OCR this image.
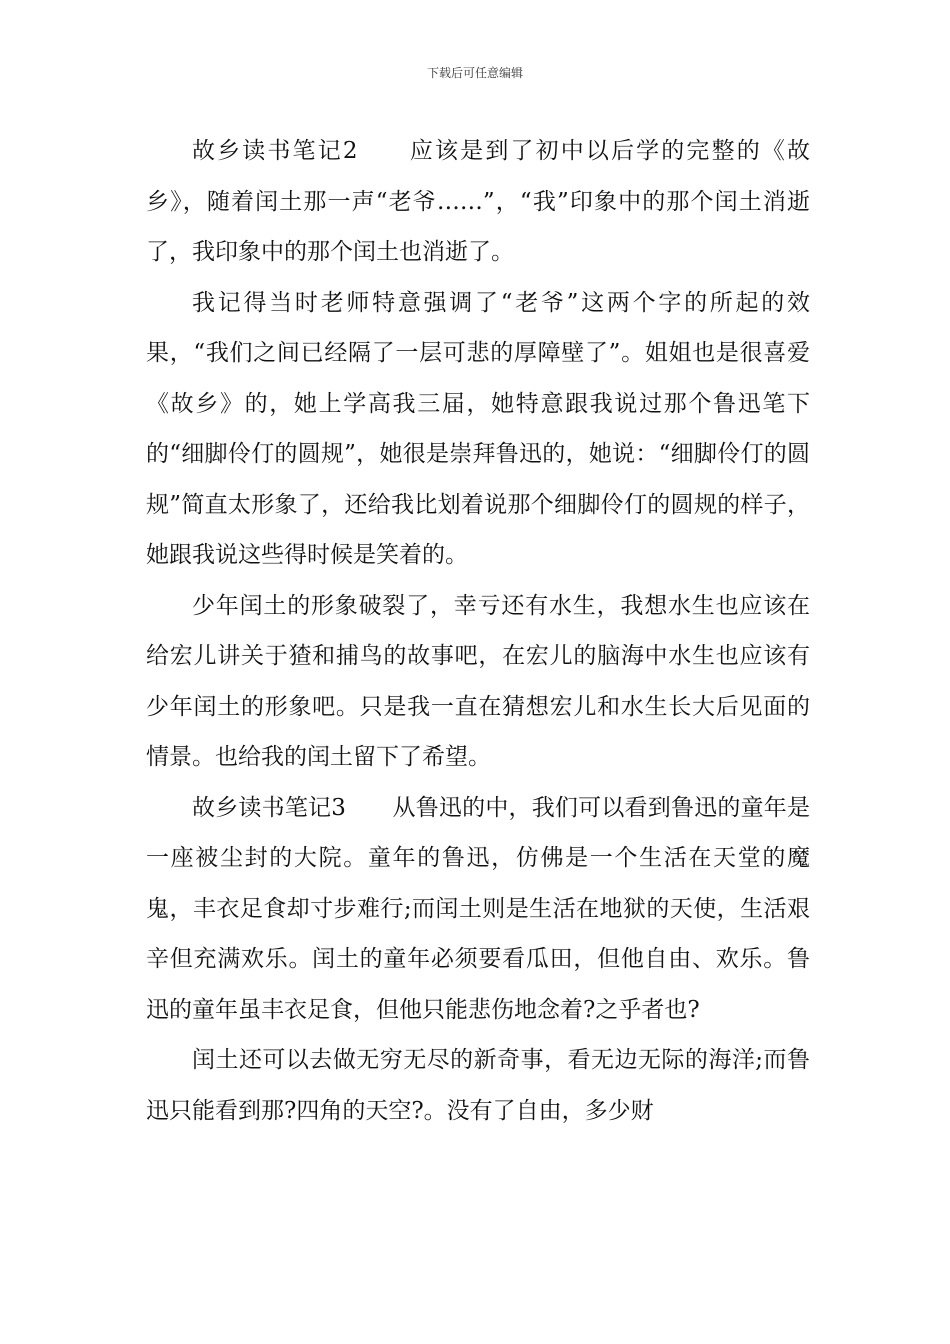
下载后可任意编辑

故乡读书笔记2　　应该是到了初中以后学的完整的《故乡》，随着闰土那一声“老爷……”，“我”印象中的那个闰土消逝了，我印象中的那个闰土也消逝了。

我记得当时老师特意强调了“老爷”这两个字的所起的效果，“我们之间已经隔了一层可悲的厚障壁了”。姐姐也是很喜爱《故乡》的，她上学高我三届，她特意跟我说过那个鲁迅笔下的“细脚伶仃的圆规”，她很是崇拜鲁迅的，她说：“细脚伶仃的圆规”简直太形象了，还给我比划着说那个细脚伶仃的圆规的样子，她跟我说这些得时候是笑着的。

少年闰土的形象破裂了，幸亏还有水生，我想水生也应该在给宏儿讲关于猹和捕鸟的故事吧，在宏儿的脑海中水生也应该有少年闰土的形象吧。只是我一直在猜想宏儿和水生长大后见面的情景。也给我的闰土留下了希望。

故乡读书笔记3　　从鲁迅的中，我们可以看到鲁迅的童年是一座被尘封的大院。童年的鲁迅，仿佛是一个生活在天堂的魔鬼，丰衣足食却寸步难行;而闰土则是生活在地狱的天使，生活艰辛但充满欢乐。闰土的童年必须要看瓜田，但他自由、欢乐。鲁迅的童年虽丰衣足食，但他只能悲伤地念着?之乎者也?

闰土还可以去做无穷无尽的新奇事，看无边无际的海洋;而鲁迅只能看到那?四角的天空?。没有了自由，多少财
